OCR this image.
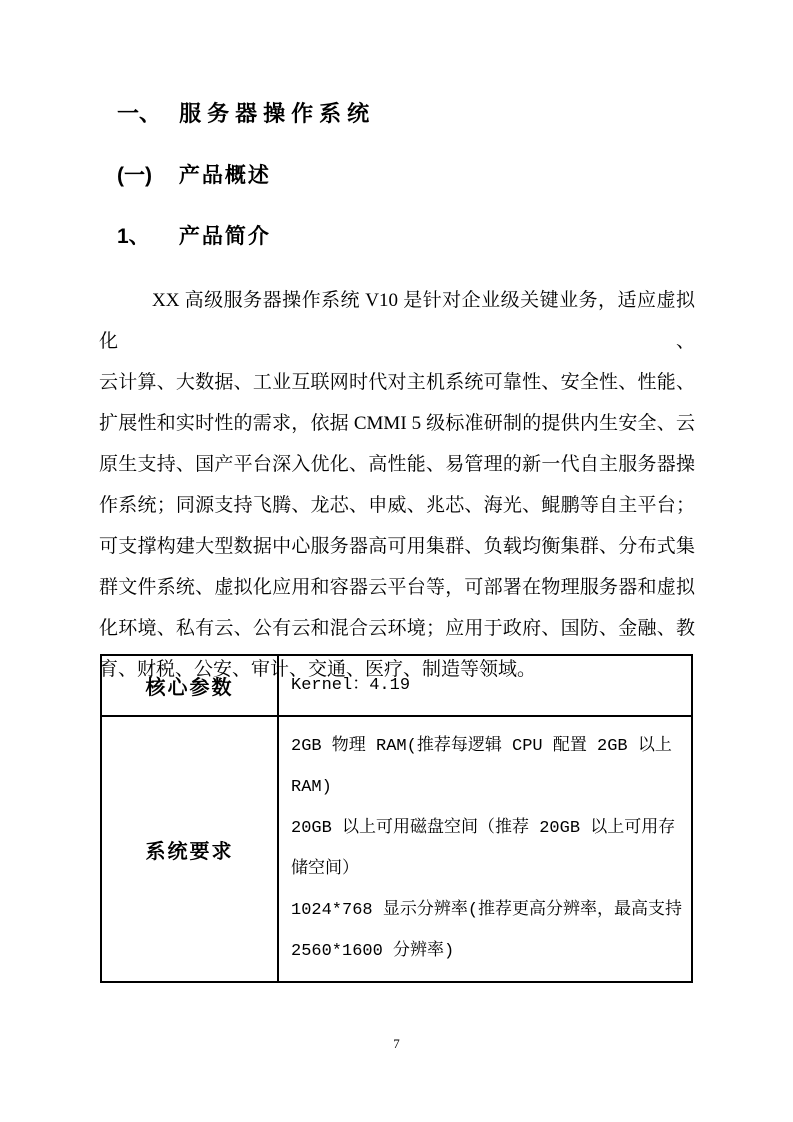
一、 服务器操作系统
(一) 产品概述
1、 产品简介
XX 高级服务器操作系统 V10 是针对企业级关键业务，适应虚拟化、
云计算、大数据、工业互联网时代对主机系统可靠性、安全性、性能、
扩展性和实时性的需求，依据 CMMI 5 级标准研制的提供内生安全、云
原生支持、国产平台深入优化、高性能、易管理的新一代自主服务器操
作系统；同源支持飞腾、龙芯、申威、兆芯、海光、鲲鹏等自主平台；
可支撑构建大型数据中心服务器高可用集群、负载均衡集群、分布式集
群文件系统、虚拟化应用和容器云平台等，可部署在物理服务器和虚拟
化环境、私有云、公有云和混合云环境；应用于政府、国防、金融、教
育、财税、公安、审计、交通、医疗、制造等领域。
核心参数	Kernel：4.19

系统要求	2GB 物理 RAM(推荐每逻辑 CPU 配置 2GB 以上 RAM)
20GB 以上可用磁盘空间（推荐 20GB 以上可用存储空间）
1024*768 显示分辨率(推荐更高分辨率，最高支持 2560*1600 分辨率)
7
